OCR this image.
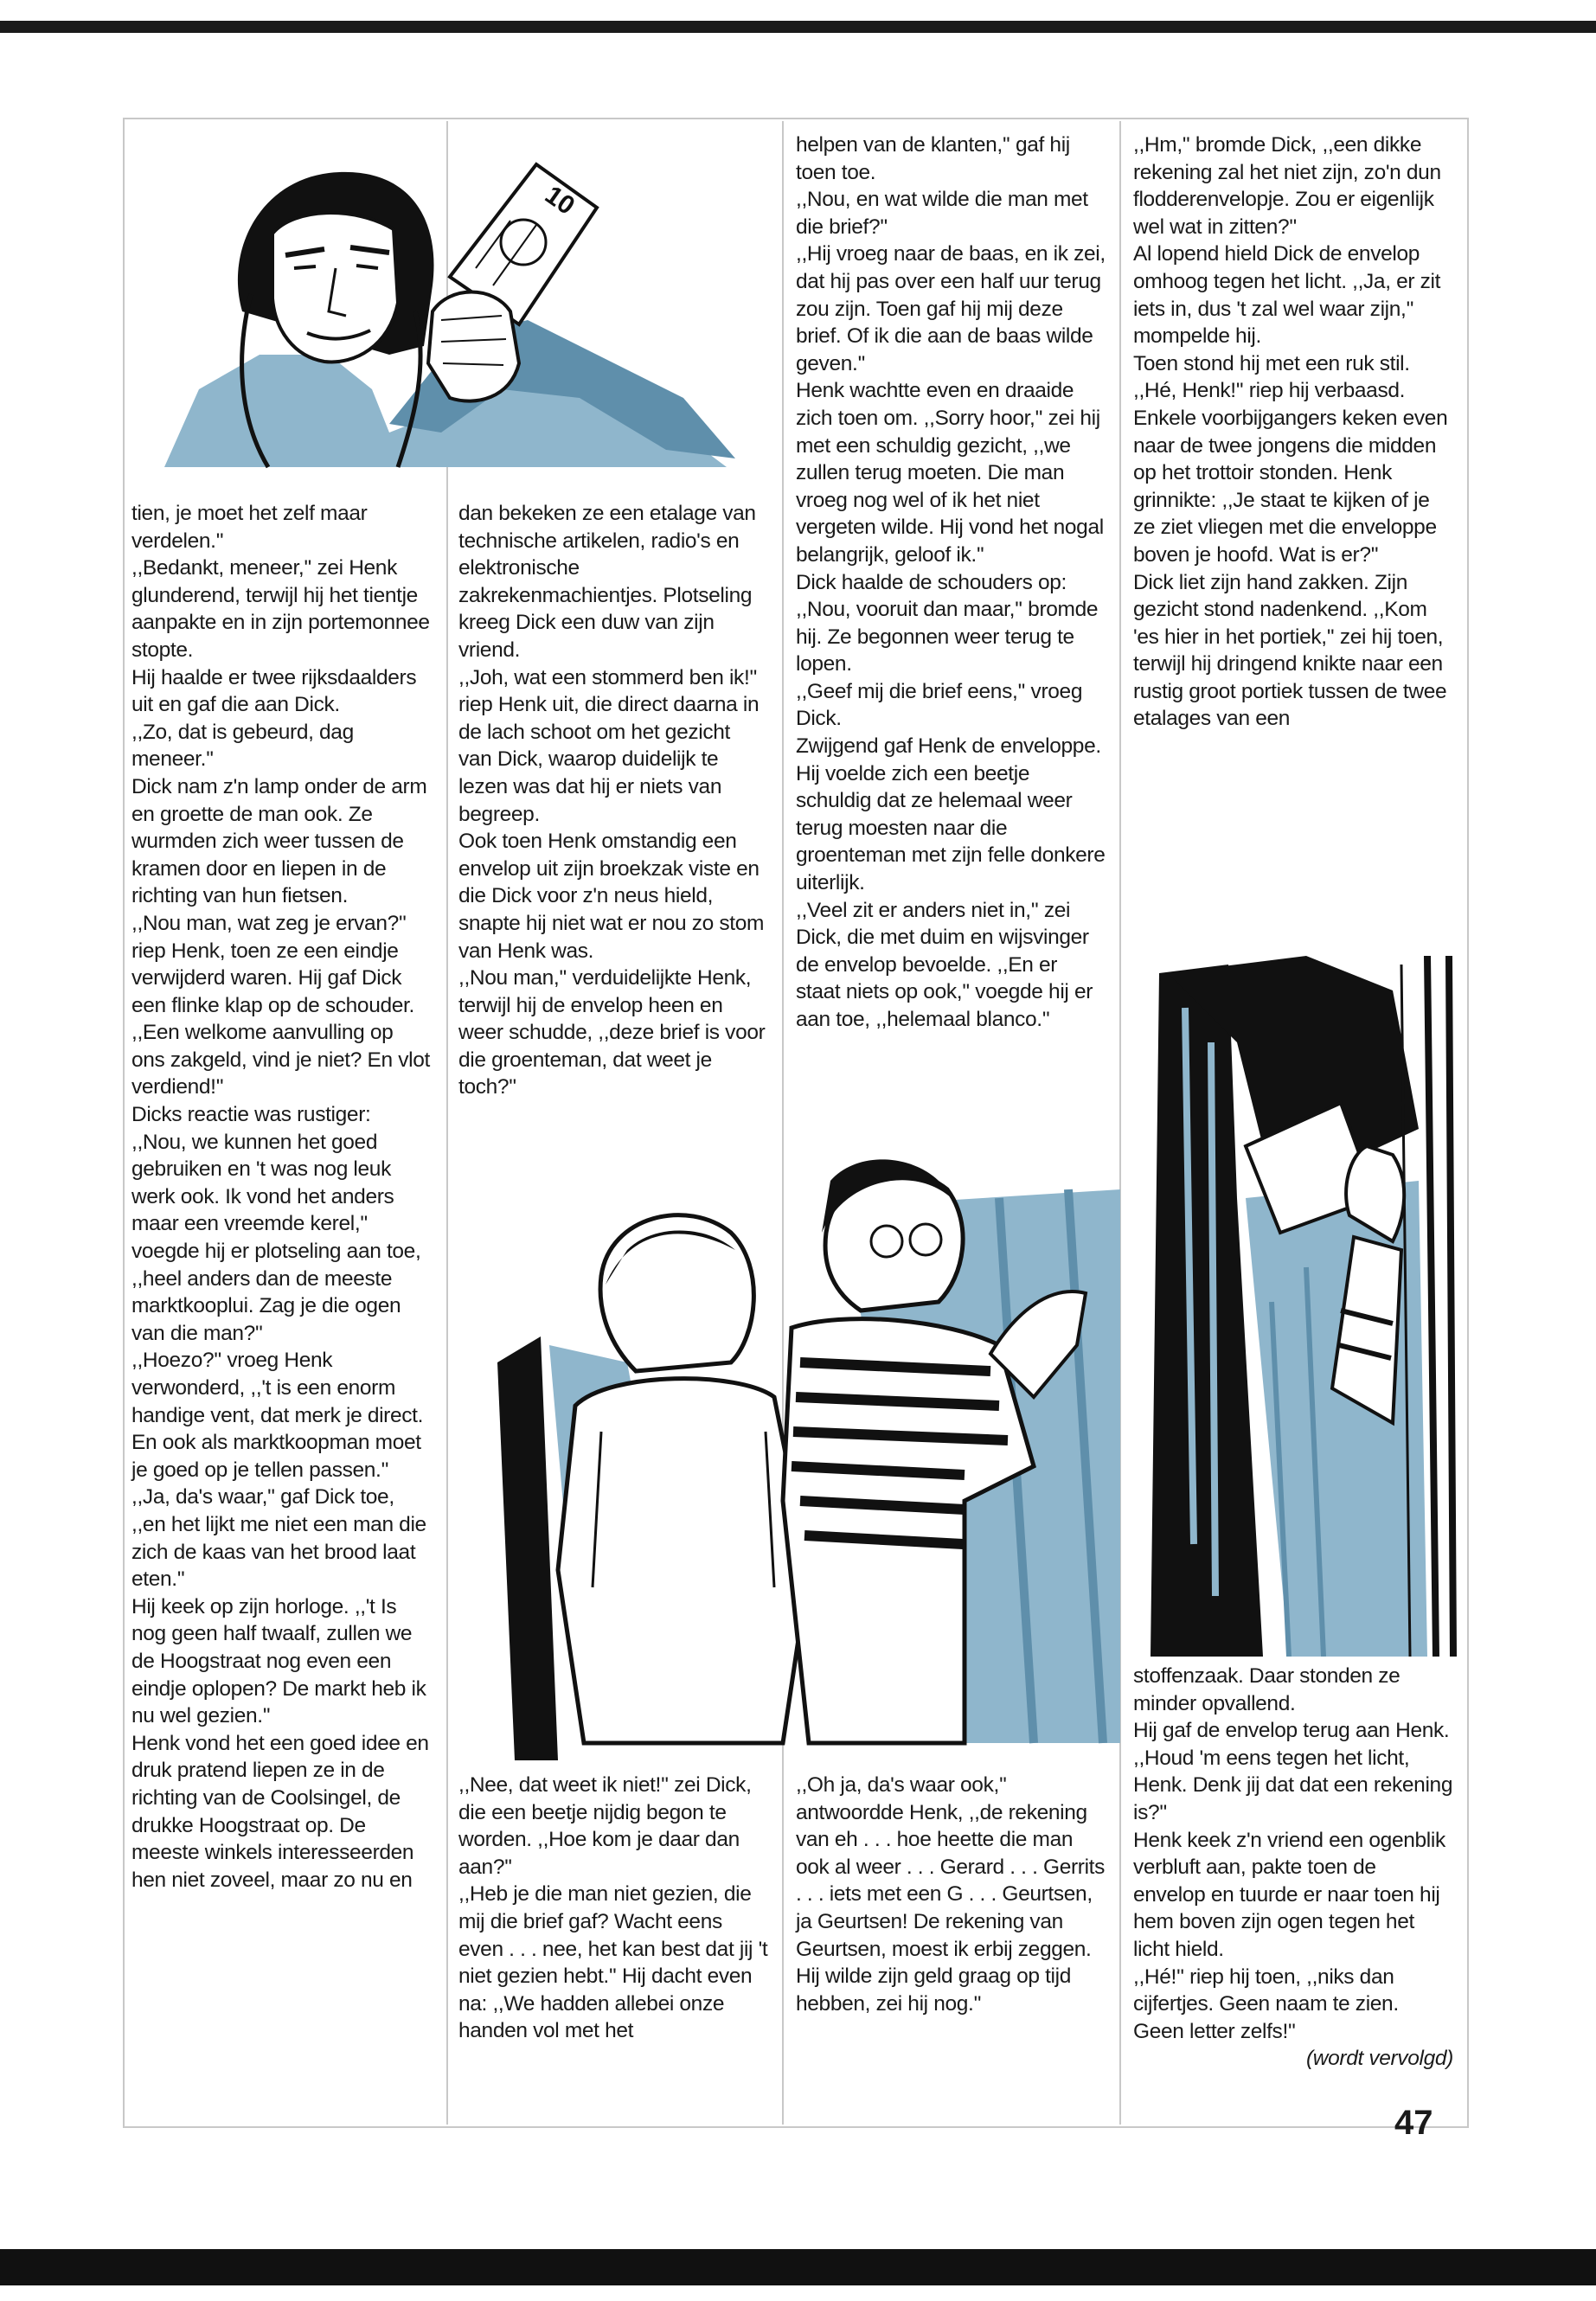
10

tien, je moet het zelf maar verdelen.''

,,Bedankt, meneer,'' zei Henk glunderend, terwijl hij het tientje aanpakte en in zijn portemonnee stopte.

Hij haalde er twee rijksdaalders uit en gaf die aan Dick.

,,Zo, dat is gebeurd, dag meneer.''

Dick nam z'n lamp onder de arm en groette de man ook. Ze wurmden zich weer tussen de kramen door en liepen in de richting van hun fietsen.

,,Nou man, wat zeg je ervan?'' riep Henk, toen ze een eindje verwijderd waren. Hij gaf Dick een flinke klap op de schouder.

,,Een welkome aanvulling op ons zakgeld, vind je niet? En vlot verdiend!''

Dicks reactie was rustiger: ,,Nou, we kunnen het goed gebruiken en 't was nog leuk werk ook. Ik vond het anders maar een vreemde kerel,'' voegde hij er plotseling aan toe, ,,heel anders dan de meeste marktkooplui. Zag je die ogen van die man?''

,,Hoezo?'' vroeg Henk verwonderd, ,,'t is een enorm handige vent, dat merk je direct. En ook als marktkoopman moet je goed op je tellen passen.''

,,Ja, da's waar,'' gaf Dick toe, ,,en het lijkt me niet een man die zich de kaas van het brood laat eten.''

Hij keek op zijn horloge. ,,'t Is nog geen half twaalf, zullen we de Hoogstraat nog even een eindje oplopen? De markt heb ik nu wel gezien.''

Henk vond het een goed idee en druk pratend liepen ze in de richting van de Coolsingel, de drukke Hoogstraat op. De meeste winkels interesseerden hen niet zoveel, maar zo nu en

dan bekeken ze een etalage van technische artikelen, radio's en elektronische zakrekenmachientjes. Plotseling kreeg Dick een duw van zijn vriend.

,,Joh, wat een stommerd ben ik!'' riep Henk uit, die direct daarna in de lach schoot om het gezicht van Dick, waarop duidelijk te lezen was dat hij er niets van begreep.

Ook toen Henk omstandig een envelop uit zijn broekzak viste en die Dick voor z'n neus hield, snapte hij niet wat er nou zo stom van Henk was.

,,Nou man,'' verduidelijkte Henk, terwijl hij de envelop heen en weer schudde, ,,deze brief is voor die groenteman, dat weet je toch?''

helpen van de klanten,'' gaf hij toen toe.

,,Nou, en wat wilde die man met die brief?''

,,Hij vroeg naar de baas, en ik zei, dat hij pas over een half uur terug zou zijn. Toen gaf hij mij deze brief. Of ik die aan de baas wilde geven.''

Henk wachtte even en draaide zich toen om. ,,Sorry hoor,'' zei hij met een schuldig gezicht, ,,we zullen terug moeten. Die man vroeg nog wel of ik het niet vergeten wilde. Hij vond het nogal belangrijk, geloof ik.''

Dick haalde de schouders op: ,,Nou, vooruit dan maar,'' bromde hij. Ze begonnen weer terug te lopen.

,,Geef mij die brief eens,'' vroeg Dick.

Zwijgend gaf Henk de enveloppe. Hij voelde zich een beetje schuldig dat ze helemaal weer terug moesten naar die groenteman met zijn felle donkere uiterlijk.

,,Veel zit er anders niet in,'' zei Dick, die met duim en wijsvinger de envelop bevoelde. ,,En er staat niets op ook,'' voegde hij er aan toe, ,,helemaal blanco.''

,,Hm,'' bromde Dick, ,,een dikke rekening zal het niet zijn, zo'n dun flodderenvelopje. Zou er eigenlijk wel wat in zitten?''

Al lopend hield Dick de envelop omhoog tegen het licht. ,,Ja, er zit iets in, dus 't zal wel waar zijn,'' mompelde hij.

Toen stond hij met een ruk stil. ,,Hé, Henk!'' riep hij verbaasd.

Enkele voorbijgangers keken even naar de twee jongens die midden op het trottoir stonden. Henk grinnikte: ,,Je staat te kijken of je ze ziet vliegen met die enveloppe boven je hoofd. Wat is er?''

Dick liet zijn hand zakken. Zijn gezicht stond nadenkend. ,,Kom 'es hier in het portiek,'' zei hij toen, terwijl hij dringend knikte naar een rustig groot portiek tussen de twee etalages van een

,,Nee, dat weet ik niet!'' zei Dick, die een beetje nijdig begon te worden. ,,Hoe kom je daar dan aan?''

,,Heb je die man niet gezien, die mij die brief gaf? Wacht eens even . . . nee, het kan best dat jij 't niet gezien hebt.'' Hij dacht even na: ,,We hadden allebei onze handen vol met het

,,Oh ja, da's waar ook,'' antwoordde Henk, ,,de rekening van eh . . . hoe heette die man ook al weer . . . Gerard . . . Gerrits . . . iets met een G . . . Geurtsen, ja Geurtsen! De rekening van Geurtsen, moest ik erbij zeggen. Hij wilde zijn geld graag op tijd hebben, zei hij nog.''

stoffenzaak. Daar stonden ze minder opvallend.

Hij gaf de envelop terug aan Henk. ,,Houd 'm eens tegen het licht, Henk. Denk jij dat dat een rekening is?''

Henk keek z'n vriend een ogenblik verbluft aan, pakte toen de envelop en tuurde er naar toen hij hem boven zijn ogen tegen het licht hield.

,,Hé!'' riep hij toen, ,,niks dan cijfertjes. Geen naam te zien. Geen letter zelfs!''

(wordt vervolgd)

47
